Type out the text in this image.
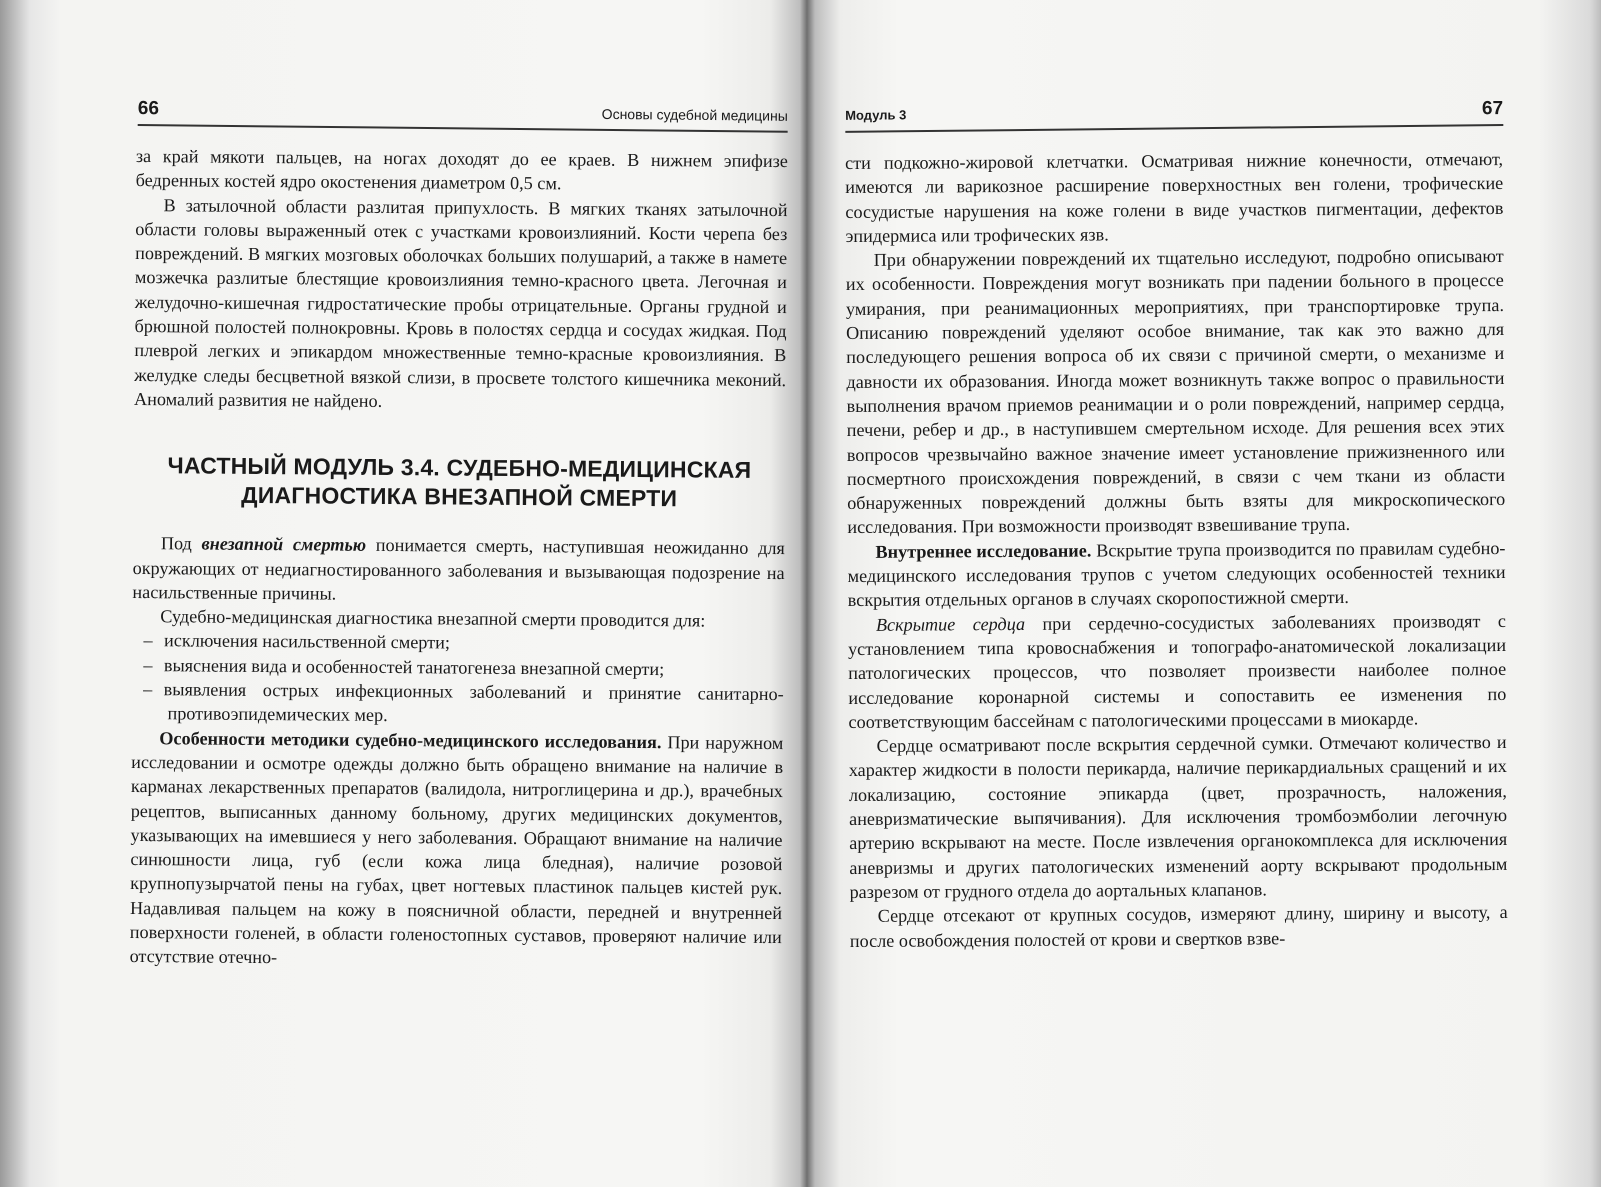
66	Основы судебной медицины

за край мякоти пальцев, на ногах доходят до ее краев. В нижнем эпифизе бедренных костей ядро окостенения диаметром 0,5 см.

В затылочной области разлитая припухлость. В мягких тканях затылочной области головы выраженный отек с участками кровоизлияний. Кости черепа без повреждений. В мягких мозговых оболочках больших полушарий, а также в намете мозжечка разлитые блестящие кровоизлияния темно-красного цвета. Легочная и желудочно-кишечная гидростатические пробы отрицательные. Органы грудной и брюшной полостей полнокровны. Кровь в полостях сердца и сосудах жидкая. Под плеврой легких и эпикардом множественные темно-красные кровоизлияния. В желудке следы бесцветной вязкой слизи, в просвете толстого кишечника меконий. Аномалий развития не найдено.

ЧАСТНЫЙ МОДУЛЬ 3.4. СУДЕБНО-МЕДИЦИНСКАЯ
ДИАГНОСТИКА ВНЕЗАПНОЙ СМЕРТИ

Под внезапной смертью понимается смерть, наступившая неожиданно для окружающих от недиагностированного заболевания и вызывающая подозрение на насильственные причины.

Судебно-медицинская диагностика внезапной смерти проводится для:

– исключения насильственной смерти;
– выяснения вида и особенностей танатогенеза внезапной смерти;
– выявления острых инфекционных заболеваний и принятие санитарно-противоэпидемических мер.

Особенности методики судебно-медицинского исследования. При наружном исследовании и осмотре одежды должно быть обращено внимание на наличие в карманах лекарственных препаратов (валидола, нитроглицерина и др.), врачебных рецептов, выписанных данному больному, других медицинских документов, указывающих на имевшиеся у него заболевания. Обращают внимание на наличие синюшности лица, губ (если кожа лица бледная), наличие розовой крупнопузырчатой пены на губах, цвет ногтевых пластинок пальцев кистей рук. Надавливая пальцем на кожу в поясничной области, передней и внутренней поверхности голеней, в области голеностопных суставов, проверяют наличие или отсутствие отечно-

Модуль 3	67

сти подкожно-жировой клетчатки. Осматривая нижние конечности, отмечают, имеются ли варикозное расширение поверхностных вен голени, трофические сосудистые нарушения на коже голени в виде участков пигментации, дефектов эпидермиса или трофических язв.

При обнаружении повреждений их тщательно исследуют, подробно описывают их особенности. Повреждения могут возникать при падении больного в процессе умирания, при реанимационных мероприятиях, при транспортировке трупа. Описанию повреждений уделяют особое внимание, так как это важно для последующего решения вопроса об их связи с причиной смерти, о механизме и давности их образования. Иногда может возникнуть также вопрос о правильности выполнения врачом приемов реанимации и о роли повреждений, например сердца, печени, ребер и др., в наступившем смертельном исходе. Для решения всех этих вопросов чрезвычайно важное значение имеет установление прижизненного или посмертного происхождения повреждений, в связи с чем ткани из области обнаруженных повреждений должны быть взяты для микроскопического исследования. При возможности производят взвешивание трупа.

Внутреннее исследование. Вскрытие трупа производится по правилам судебно-медицинского исследования трупов с учетом следующих особенностей техники вскрытия отдельных органов в случаях скоропостижной смерти.

Вскрытие сердца при сердечно-сосудистых заболеваниях производят с установлением типа кровоснабжения и топографо-анатомической локализации патологических процессов, что позволяет произвести наиболее полное исследование коронарной системы и сопоставить ее изменения по соответствующим бассейнам с патологическими процессами в миокарде.

Сердце осматривают после вскрытия сердечной сумки. Отмечают количество и характер жидкости в полости перикарда, наличие перикардиальных сращений и их локализацию, состояние эпикарда (цвет, прозрачность, наложения, аневризматические выпячивания). Для исключения тромбоэмболии легочную артерию вскрывают на месте. После извлечения органокомплекса для исключения аневризмы и других патологических изменений аорту вскрывают продольным разрезом от грудного отдела до аортальных клапанов.

Сердце отсекают от крупных сосудов, измеряют длину, ширину и высоту, а после освобождения полостей от крови и свертков взве-
